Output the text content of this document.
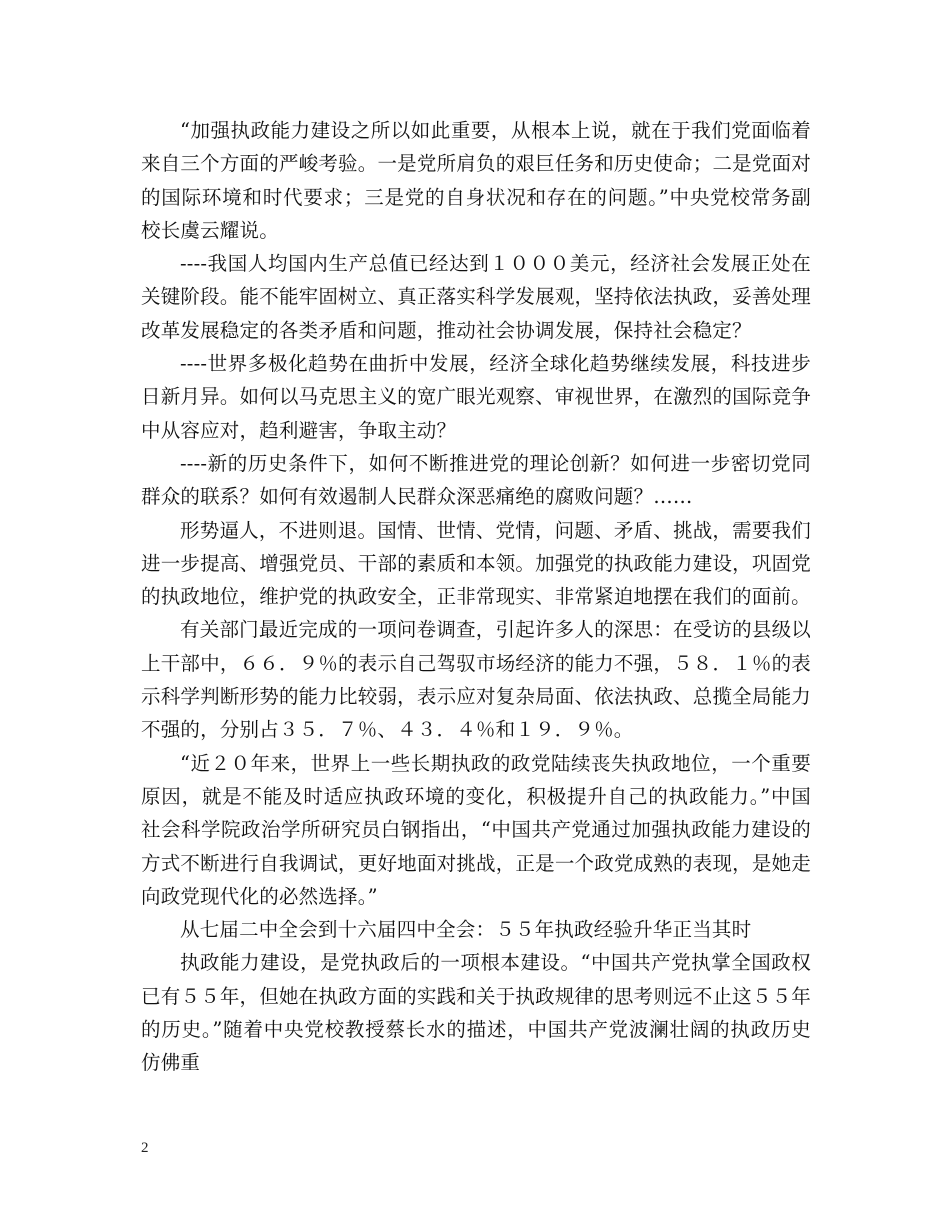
“加强执政能力建设之所以如此重要，从根本上说，就在于我们党面临着来自三个方面的严峻考验。一是党所肩负的艰巨任务和历史使命；二是党面对的国际环境和时代要求；三是党的自身状况和存在的问题。”中央党校常务副校长虞云耀说。

----我国人均国内生产总值已经达到１０００美元，经济社会发展正处在关键阶段。能不能牢固树立、真正落实科学发展观，坚持依法执政，妥善处理改革发展稳定的各类矛盾和问题，推动社会协调发展，保持社会稳定？

----世界多极化趋势在曲折中发展，经济全球化趋势继续发展，科技进步日新月异。如何以马克思主义的宽广眼光观察、审视世界，在激烈的国际竞争中从容应对，趋利避害，争取主动？

----新的历史条件下，如何不断推进党的理论创新？如何进一步密切党同群众的联系？如何有效遏制人民群众深恶痛绝的腐败问题？……

形势逼人，不进则退。国情、世情、党情，问题、矛盾、挑战，需要我们进一步提高、增强党员、干部的素质和本领。加强党的执政能力建设，巩固党的执政地位，维护党的执政安全，正非常现实、非常紧迫地摆在我们的面前。

有关部门最近完成的一项问卷调查，引起许多人的深思：在受访的县级以上干部中，６６．９％的表示自己驾驭市场经济的能力不强，５８．１％的表示科学判断形势的能力比较弱，表示应对复杂局面、依法执政、总揽全局能力不强的，分别占３５．７％、４３．４％和１９．９％。

“近２０年来，世界上一些长期执政的政党陆续丧失执政地位，一个重要原因，就是不能及时适应执政环境的变化，积极提升自己的执政能力。”中国社会科学院政治学所研究员白钢指出，“中国共产党通过加强执政能力建设的方式不断进行自我调试，更好地面对挑战，正是一个政党成熟的表现，是她走向政党现代化的必然选择。”

从七届二中全会到十六届四中全会：５５年执政经验升华正当其时

执政能力建设，是党执政后的一项根本建设。“中国共产党执掌全国政权已有５５年，但她在执政方面的实践和关于执政规律的思考则远不止这５５年的历史。”随着中央党校教授蔡长水的描述，中国共产党波澜壮阔的执政历史仿佛重

2
